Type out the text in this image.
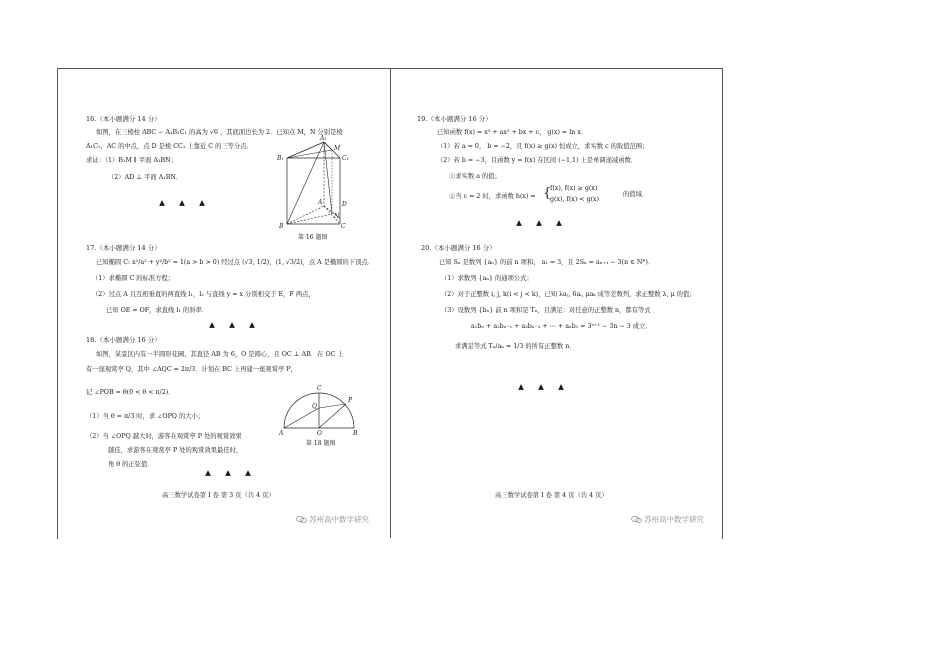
16.（本小题满分 14 分）
如图，在三棱柱 ABC − A₁B₁C₁ 的高为 √6 ，其底面边长为 2．已知点 M，N 分别是棱
A₁C₁，AC 的中点，点 D 是棱 CC₁ 上靠近 C 的三等分点．
求证：（1）B₁M ∥ 平面 A₁BN；
（2）AD ⊥ 平面 A₁BN．
▲ ▲ ▲
A₁
M
C₁
B₁
A	D
N
B	C
第 16 题图
17.（本小题满分 14 分）
已知椭圆 C: x²/a² + y²/b² = 1(a > b > 0) 经过点 (√3, 1/2)，(1, √3/2)，点 A 是椭圆的下顶点．
（1）求椭圆 C 的标准方程；
（2）过点 A 且互相垂直的两直线 l₁，l₂ 与直线 y = x 分别相交于 E，F 两点，
已知 OE = OF，求直线 l₁ 的斜率．
▲ ▲ ▲
18.（本小题满分 16 分）
如图，某景区内有一半圆形花圃，其直径 AB 为 6，O 是圆心，且 OC ⊥ AB．在 OC 上
有一座观赏亭 Q，其中 ∠AQC = 2π/3．计划在 BC 上再建一座观赏亭 P，
记 ∠POB = θ(0 < θ < π/2)．
（1）当 θ = π/3 时，求 ∠OPQ 的大小；
（2）当 ∠OPQ 越大时，游客在观赏亭 P 处的观赏效果
越佳，求游客在观赏亭 P 处的观赏效果最佳时，
角 θ 的正弦值．
C
P
Q
A	O	B
第 18 题图
▲ ▲ ▲
高三数学试卷第 Ⅰ 卷 第 3 页（共 4 页）
苏州高中数学研究
19.（本小题满分 16 分）
已知函数 f(x) = x³ + ax² + bx + c， g(x) = ln x．
（1）若 a = 0， b = −2，且 f(x) ≥ g(x) 恒成立，求实数 c 的取值范围；
（2）若 b = −3，且函数 y = f(x) 在区间 (−1,1) 上是单调递减函数．
①求实数 a 的值；
②当 c = 2 时，求函数 h(x) = {
f(x), f(x) ≥ g(x)
g(x), f(x) < g(x)
的值域．
▲ ▲ ▲
20.（本小题满分 16 分）
已知 Sₙ 是数列 {aₙ} 的前 n 项和， a₁ = 3，且 2Sₙ = aₙ₊₁ − 3(n ∈ N*)．
（1）求数列 {aₙ} 的通项公式；
（2）对于正整数 i, j, k(i < j < k)，已知 λaⱼ, 6aᵢ, μaₖ 成等差数列，求正整数 λ, μ 的值；
（3）设数列 {bₙ} 前 n 项和是 Tₙ，且满足：对任意的正整数 n，都有等式
a₁bₙ + a₂bₙ₋₁ + a₃bₙ₋₂ + ⋯ + aₙb₁ = 3ⁿ⁺¹ − 3n − 3 成立．
求满足等式 Tₙ/aₙ = 1/3 的所有正整数 n．
▲ ▲ ▲
高三数学试卷第 Ⅰ 卷 第 4 页（共 4 页）
苏州高中数学研究
